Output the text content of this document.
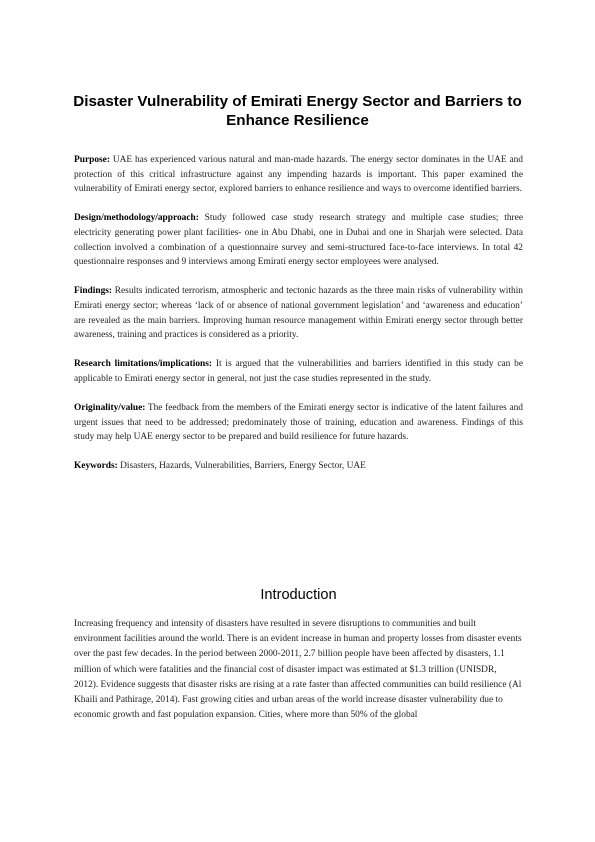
Disaster Vulnerability of Emirati Energy Sector and Barriers to Enhance Resilience

Purpose: UAE has experienced various natural and man-made hazards. The energy sector dominates in the UAE and protection of this critical infrastructure against any impending hazards is important. This paper examined the vulnerability of Emirati energy sector, explored barriers to enhance resilience and ways to overcome identified barriers.

Design/methodology/approach: Study followed case study research strategy and multiple case studies; three electricity generating power plant facilities- one in Abu Dhabi, one in Dubai and one in Sharjah were selected. Data collection involved a combination of a questionnaire survey and semi-structured face-to-face interviews. In total 42 questionnaire responses and 9 interviews among Emirati energy sector employees were analysed.

Findings: Results indicated terrorism, atmospheric and tectonic hazards as the three main risks of vulnerability within Emirati energy sector; whereas ‘lack of or absence of national government legislation’ and ‘awareness and education’ are revealed as the main barriers. Improving human resource management within Emirati energy sector through better awareness, training and practices is considered as a priority.

Research limitations/implications: It is argued that the vulnerabilities and barriers identified in this study can be applicable to Emirati energy sector in general, not just the case studies represented in the study.

Originality/value: The feedback from the members of the Emirati energy sector is indicative of the latent failures and urgent issues that need to be addressed; predominately those of training, education and awareness. Findings of this study may help UAE energy sector to be prepared and build resilience for future hazards.

Keywords: Disasters, Hazards, Vulnerabilities, Barriers, Energy Sector, UAE

Introduction

Increasing frequency and intensity of disasters have resulted in severe disruptions to communities and built environment facilities around the world. There is an evident increase in human and property losses from disaster events over the past few decades. In the period between 2000-2011, 2.7 billion people have been affected by disasters, 1.1 million of which were fatalities and the financial cost of disaster impact was estimated at $1.3 trillion (UNISDR, 2012). Evidence suggests that disaster risks are rising at a rate faster than affected communities can build resilience (Al Khaili and Pathirage, 2014). Fast growing cities and urban areas of the world increase disaster vulnerability due to economic growth and fast population expansion. Cities, where more than 50% of the global
